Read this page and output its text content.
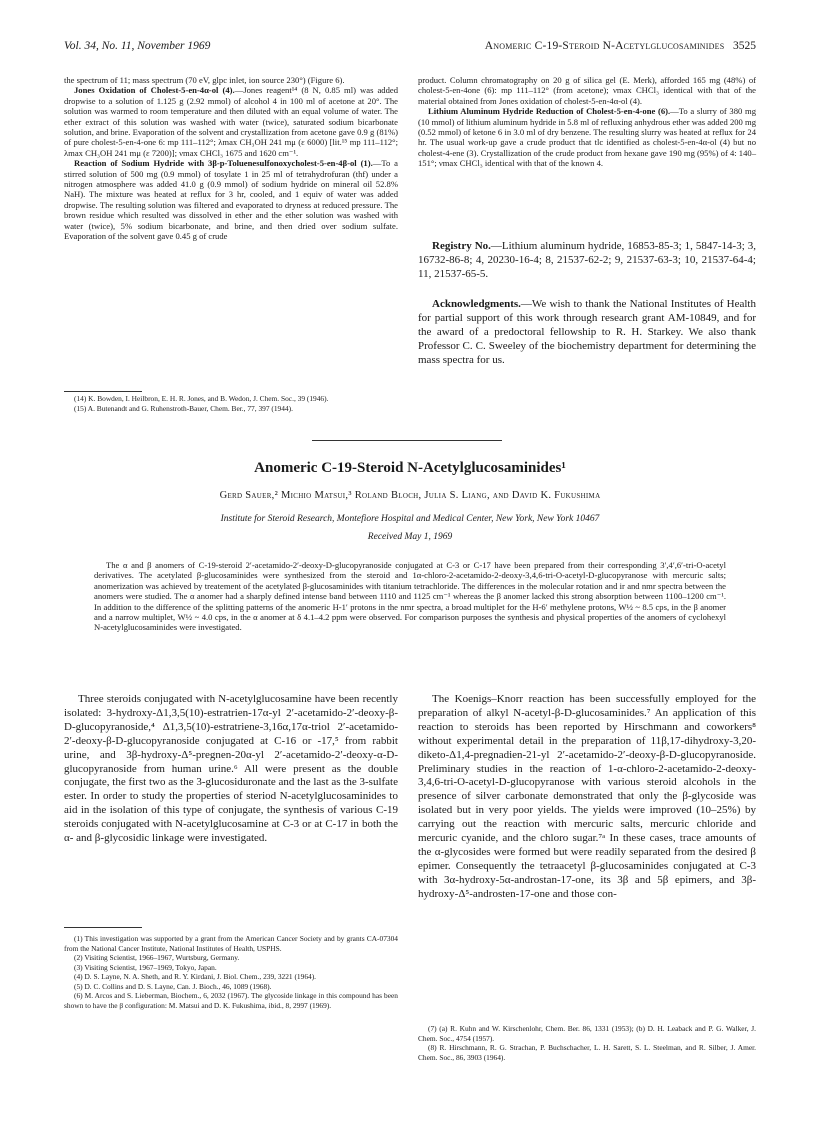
Vol. 34, No. 11, November 1969	Anomeric C-19-Steroid N-Acetylglucosaminides 3525

the spectrum of 11; mass spectrum (70 eV, glpc inlet, ion source 230°) (Figure 6).

Jones Oxidation of Cholest-5-en-4α-ol (4).—Jones reagent¹⁴ (8 N, 0.85 ml) was added dropwise to a solution of 1.125 g (2.92 mmol) of alcohol 4 in 100 ml of acetone at 20°. The solution was warmed to room temperature and then diluted with an equal volume of water. The ether extract of this solution was washed with water (twice), saturated sodium bicarbonate solution, and brine. Evaporation of the solvent and crystallization from acetone gave 0.9 g (81%) of pure cholest-5-en-4-one 6: mp 111–112°; λmax CH₃OH 241 mμ (ε 6000) [lit.¹⁵ mp 111–112°; λmax CH₃OH 241 mμ (ε 7200)]; νmax CHCl₃ 1675 and 1620 cm⁻¹.

Reaction of Sodium Hydride with 3β-p-Toluenesulfonoxycholest-5-en-4β-ol (1).—To a stirred solution of 500 mg (0.9 mmol) of tosylate 1 in 25 ml of tetrahydrofuran (thf) under a nitrogen atmosphere was added 41.0 g (0.9 mmol) of sodium hydride on mineral oil 52.8% NaH). The mixture was heated at reflux for 3 hr, cooled, and 1 equiv of water was added dropwise. The resulting solution was filtered and evaporated to dryness at reduced pressure. The brown residue which resulted was dissolved in ether and the ether solution was washed with water (twice), 5% sodium bicarbonate, and brine, and then dried over sodium sulfate. Evaporation of the solvent gave 0.45 g of crude

product. Column chromatography on 20 g of silica gel (E. Merk), afforded 165 mg (48%) of cholest-5-en-4one (6): mp 111–112° (from acetone); νmax CHCl₃ identical with that of the material obtained from Jones oxidation of cholest-5-en-4α-ol (4).

Lithium Aluminum Hydride Reduction of Cholest-5-en-4-one (6).—To a slurry of 380 mg (10 mmol) of lithium aluminum hydride in 5.8 ml of refluxing anhydrous ether was added 200 mg (0.52 mmol) of ketone 6 in 3.0 ml of dry benzene. The resulting slurry was heated at reflux for 24 hr. The usual work-up gave a crude product that tlc identified as cholest-5-en-4α-ol (4) but no cholest-4-ene (3). Crystallization of the crude product from hexane gave 190 mg (95%) of 4: 140–151°; νmax CHCl₃ identical with that of the known 4.

Registry No.—Lithium aluminum hydride, 16853-85-3; 1, 5847-14-3; 3, 16732-86-8; 4, 20230-16-4; 8, 21537-62-2; 9, 21537-63-3; 10, 21537-64-4; 11, 21537-65-5.

Acknowledgments.—We wish to thank the National Institutes of Health for partial support of this work through research grant AM-10849, and for the award of a predoctoral fellowship to R. H. Starkey. We also thank Professor C. C. Sweeley of the biochemistry department for determining the mass spectra for us.

(14) K. Bowden, I. Heilbron, E. H. R. Jones, and B. Wedon, J. Chem. Soc., 39 (1946).

(15) A. Butenandt and G. Ruhenstroth-Bauer, Chem. Ber., 77, 397 (1944).

Anomeric C-19-Steroid N-Acetylglucosaminides¹
Gerd Sauer,² Michio Matsui,³ Roland Bloch, Julia S. Liang, and David K. Fukushima
Institute for Steroid Research, Montefiore Hospital and Medical Center, New York, New York 10467
Received May 1, 1969

The α and β anomers of C-19-steroid 2′-acetamido-2′-deoxy-D-glucopyranoside conjugated at C-3 or C-17 have been prepared from their corresponding 3′,4′,6′-tri-O-acetyl derivatives. The acetylated β-glucosaminides were synthesized from the steroid and 1α-chloro-2-acetamido-2-deoxy-3,4,6-tri-O-acetyl-D-glucopyranose with mercuric salts; anomerization was achieved by treatement of the acetylated β-glucosaminides with titanium tetrachloride. The differences in the molecular rotation and ir and nmr spectra between the anomers were studied. The α anomer had a sharply defined intense band between 1110 and 1125 cm⁻¹ whereas the β anomer lacked this strong absorption between 1100–1200 cm⁻¹. In addition to the difference of the splitting patterns of the anomeric H-1′ protons in the nmr spectra, a broad multiplet for the H-6′ methylene protons, W½ ~ 8.5 cps, in the β anomer and a narrow multiplet, W½ ~ 4.0 cps, in the α anomer at δ 4.1–4.2 ppm were observed. For comparison purposes the synthesis and physical properties of the anomers of cyclohexyl N-acetylglucosaminides were investigated.

Three steroids conjugated with N-acetylglucosamine have been recently isolated: 3-hydroxy-Δ1,3,5(10)-estratrien-17α-yl 2′-acetamido-2′-deoxy-β-D-glucopyranoside,⁴ Δ1,3,5(10)-estratriene-3,16α,17α-triol 2′-acetamido-2′-deoxy-β-D-glucopyranoside conjugated at C-16 or -17,⁵ from rabbit urine, and 3β-hydroxy-Δ⁵-pregnen-20α-yl 2′-acetamido-2′-deoxy-α-D-glucopyranoside from human urine.⁶ All were present as the double conjugate, the first two as the 3-glucosiduronate and the last as the 3-sulfate ester. In order to study the properties of steriod N-acetylglucosaminides to aid in the isolation of this type of conjugate, the synthesis of various C-19 steroids conjugated with N-acetylglucosamine at C-3 or at C-17 in both the α- and β-glycosidic linkage were investigated.

The Koenigs–Knorr reaction has been successfully employed for the preparation of alkyl N-acetyl-β-D-glucosaminides.⁷ An application of this reaction to steroids has been reported by Hirschmann and coworkers⁸ without experimental detail in the preparation of 11β,17-dihydroxy-3,20-diketo-Δ1,4-pregnadien-21-yl 2′-acetamido-2′-deoxy-β-D-glucopyranoside. Preliminary studies in the reaction of 1-α-chloro-2-acetamido-2-deoxy-3,4,6-tri-O-acetyl-D-glucopyranose with various steroid alcohols in the presence of silver carbonate demonstrated that only the β-glycoside was isolated but in very poor yields. The yields were improved (10–25%) by carrying out the reaction with mercuric salts, mercuric chloride and mercuric cyanide, and the chloro sugar.⁷ᵃ In these cases, trace amounts of the α-glycosides were formed but were readily separated from the desired β epimer. Consequently the tetraacetyl β-glucosaminides conjugated at C-3 with 3α-hydroxy-5α-androstan-17-one, its 3β and 5β epimers, and 3β-hydroxy-Δ⁵-androsten-17-one and those con-

(1) This investigation was supported by a grant from the American Cancer Society and by grants CA-07304 from the National Cancer Institute, National Institutes of Health, USPHS.

(2) Visiting Scientist, 1966–1967, Wurtsburg, Germany.

(3) Visiting Scientist, 1967–1969, Tokyo, Japan.

(4) D. S. Layne, N. A. Sheth, and R. Y. Kirdani, J. Biol. Chem., 239, 3221 (1964).

(5) D. C. Collins and D. S. Layne, Can. J. Bioch., 46, 1089 (1968).

(6) M. Arcos and S. Lieberman, Biochem., 6, 2032 (1967). The glycoside linkage in this compound has been shown to have the β configuration: M. Matsui and D. K. Fukushima, ibid., 8, 2997 (1969).

(7) (a) R. Kuhn and W. Kirschenlohr, Chem. Ber. 86, 1331 (1953); (b) D. H. Leaback and P. G. Walker, J. Chem. Soc., 4754 (1957).

(8) R. Hirschmann, R. G. Strachan, P. Buchschacher, L. H. Sarett, S. L. Steelman, and R. Silber, J. Amer. Chem. Soc., 86, 3903 (1964).
